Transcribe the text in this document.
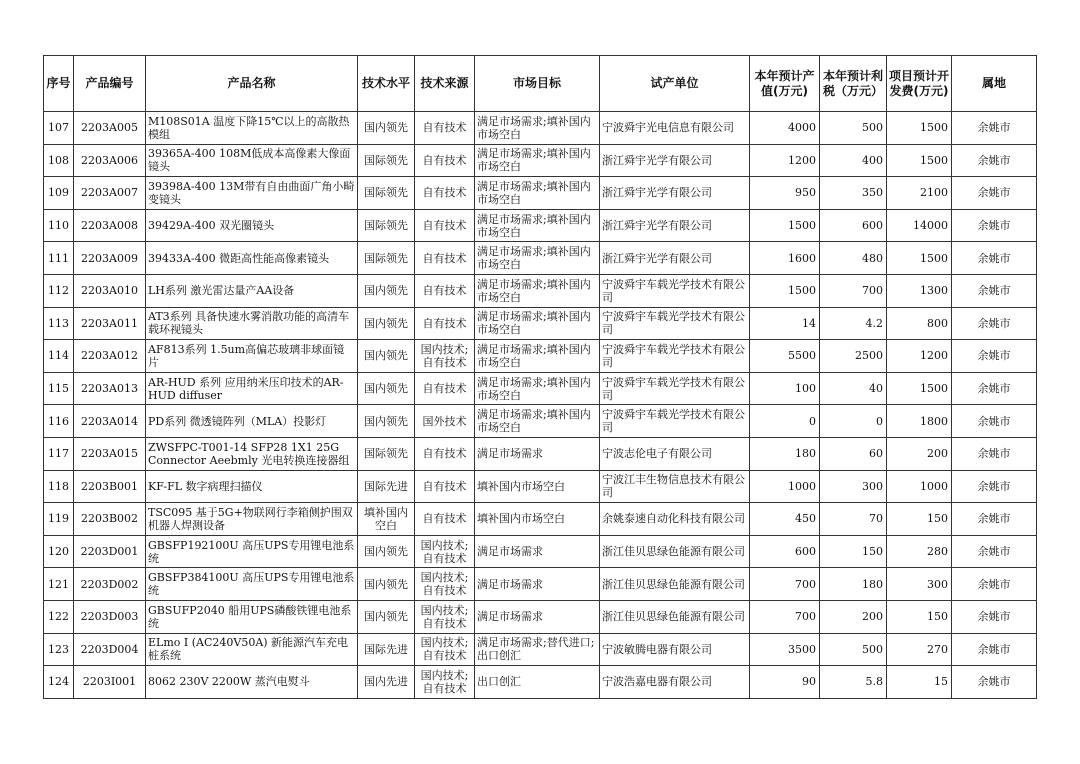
序号	产品编号	产品名称	技术水平	技术来源	市场目标	试产单位	本年预计产值(万元)	本年预计利税（万元）	项目预计开发费(万元)	属地
107	2203A005	M108S01A 温度下降15℃以上的高散热模组	国内领先	自有技术	满足市场需求;填补国内市场空白	宁波舜宇光电信息有限公司	4000	500	1500	余姚市
108	2203A006	39365A-400 108M低成本高像素大像面镜头	国际领先	自有技术	满足市场需求;填补国内市场空白	浙江舜宇光学有限公司	1200	400	1500	余姚市
109	2203A007	39398A-400 13M带有自由曲面广角小畸变镜头	国际领先	自有技术	满足市场需求;填补国内市场空白	浙江舜宇光学有限公司	950	350	2100	余姚市
110	2203A008	39429A-400 双光圈镜头	国际领先	自有技术	满足市场需求;填补国内市场空白	浙江舜宇光学有限公司	1500	600	14000	余姚市
111	2203A009	39433A-400 微距高性能高像素镜头	国际领先	自有技术	满足市场需求;填补国内市场空白	浙江舜宇光学有限公司	1600	480	1500	余姚市
112	2203A010	LH系列 激光雷达量产AA设备	国内领先	自有技术	满足市场需求;填补国内市场空白	宁波舜宇车载光学技术有限公司	1500	700	1300	余姚市
113	2203A011	AT3系列 具备快速水雾消散功能的高清车载环视镜头	国内领先	自有技术	满足市场需求;填补国内市场空白	宁波舜宇车载光学技术有限公司	14	4.2	800	余姚市
114	2203A012	AF813系列 1.5um高偏芯玻璃非球面镜片	国内领先	国内技术;自有技术	满足市场需求;填补国内市场空白	宁波舜宇车载光学技术有限公司	5500	2500	1200	余姚市
115	2203A013	AR-HUD 系列 应用纳米压印技术的AR-HUD diffuser	国内领先	自有技术	满足市场需求;填补国内市场空白	宁波舜宇车载光学技术有限公司	100	40	1500	余姚市
116	2203A014	PD系列 微透镜阵列（MLA）投影灯	国内领先	国外技术	满足市场需求;填补国内市场空白	宁波舜宇车载光学技术有限公司	0	0	1800	余姚市
117	2203A015	ZWSFPC-T001-14 SFP28 1X1 25G Connector Aeebmly 光电转换连接器组	国际领先	自有技术	满足市场需求	宁波志伦电子有限公司	180	60	200	余姚市
118	2203B001	KF-FL 数字病理扫描仪	国际先进	自有技术	填补国内市场空白	宁波江丰生物信息技术有限公司	1000	300	1000	余姚市
119	2203B002	TSC095 基于5G+物联网行李箱侧护围双机器人焊测设备	填补国内空白	自有技术	填补国内市场空白	余姚泰速自动化科技有限公司	450	70	150	余姚市
120	2203D001	GBSFP192100U 高压UPS专用锂电池系统	国内领先	国内技术;自有技术	满足市场需求	浙江佳贝思绿色能源有限公司	600	150	280	余姚市
121	2203D002	GBSFP384100U 高压UPS专用锂电池系统	国内领先	国内技术;自有技术	满足市场需求	浙江佳贝思绿色能源有限公司	700	180	300	余姚市
122	2203D003	GBSUFP2040 船用UPS磷酸铁锂电池系统	国内领先	国内技术;自有技术	满足市场需求	浙江佳贝思绿色能源有限公司	700	200	150	余姚市
123	2203D004	ELmo I (AC240V50A) 新能源汽车充电桩系统	国际先进	国内技术;自有技术	满足市场需求;替代进口;出口创汇	宁波敏腾电器有限公司	3500	500	270	余姚市
124	2203I001	8062 230V 2200W 蒸汽电熨斗	国内先进	国内技术;自有技术	出口创汇	宁波浩嘉电器有限公司	90	5.8	15	余姚市
